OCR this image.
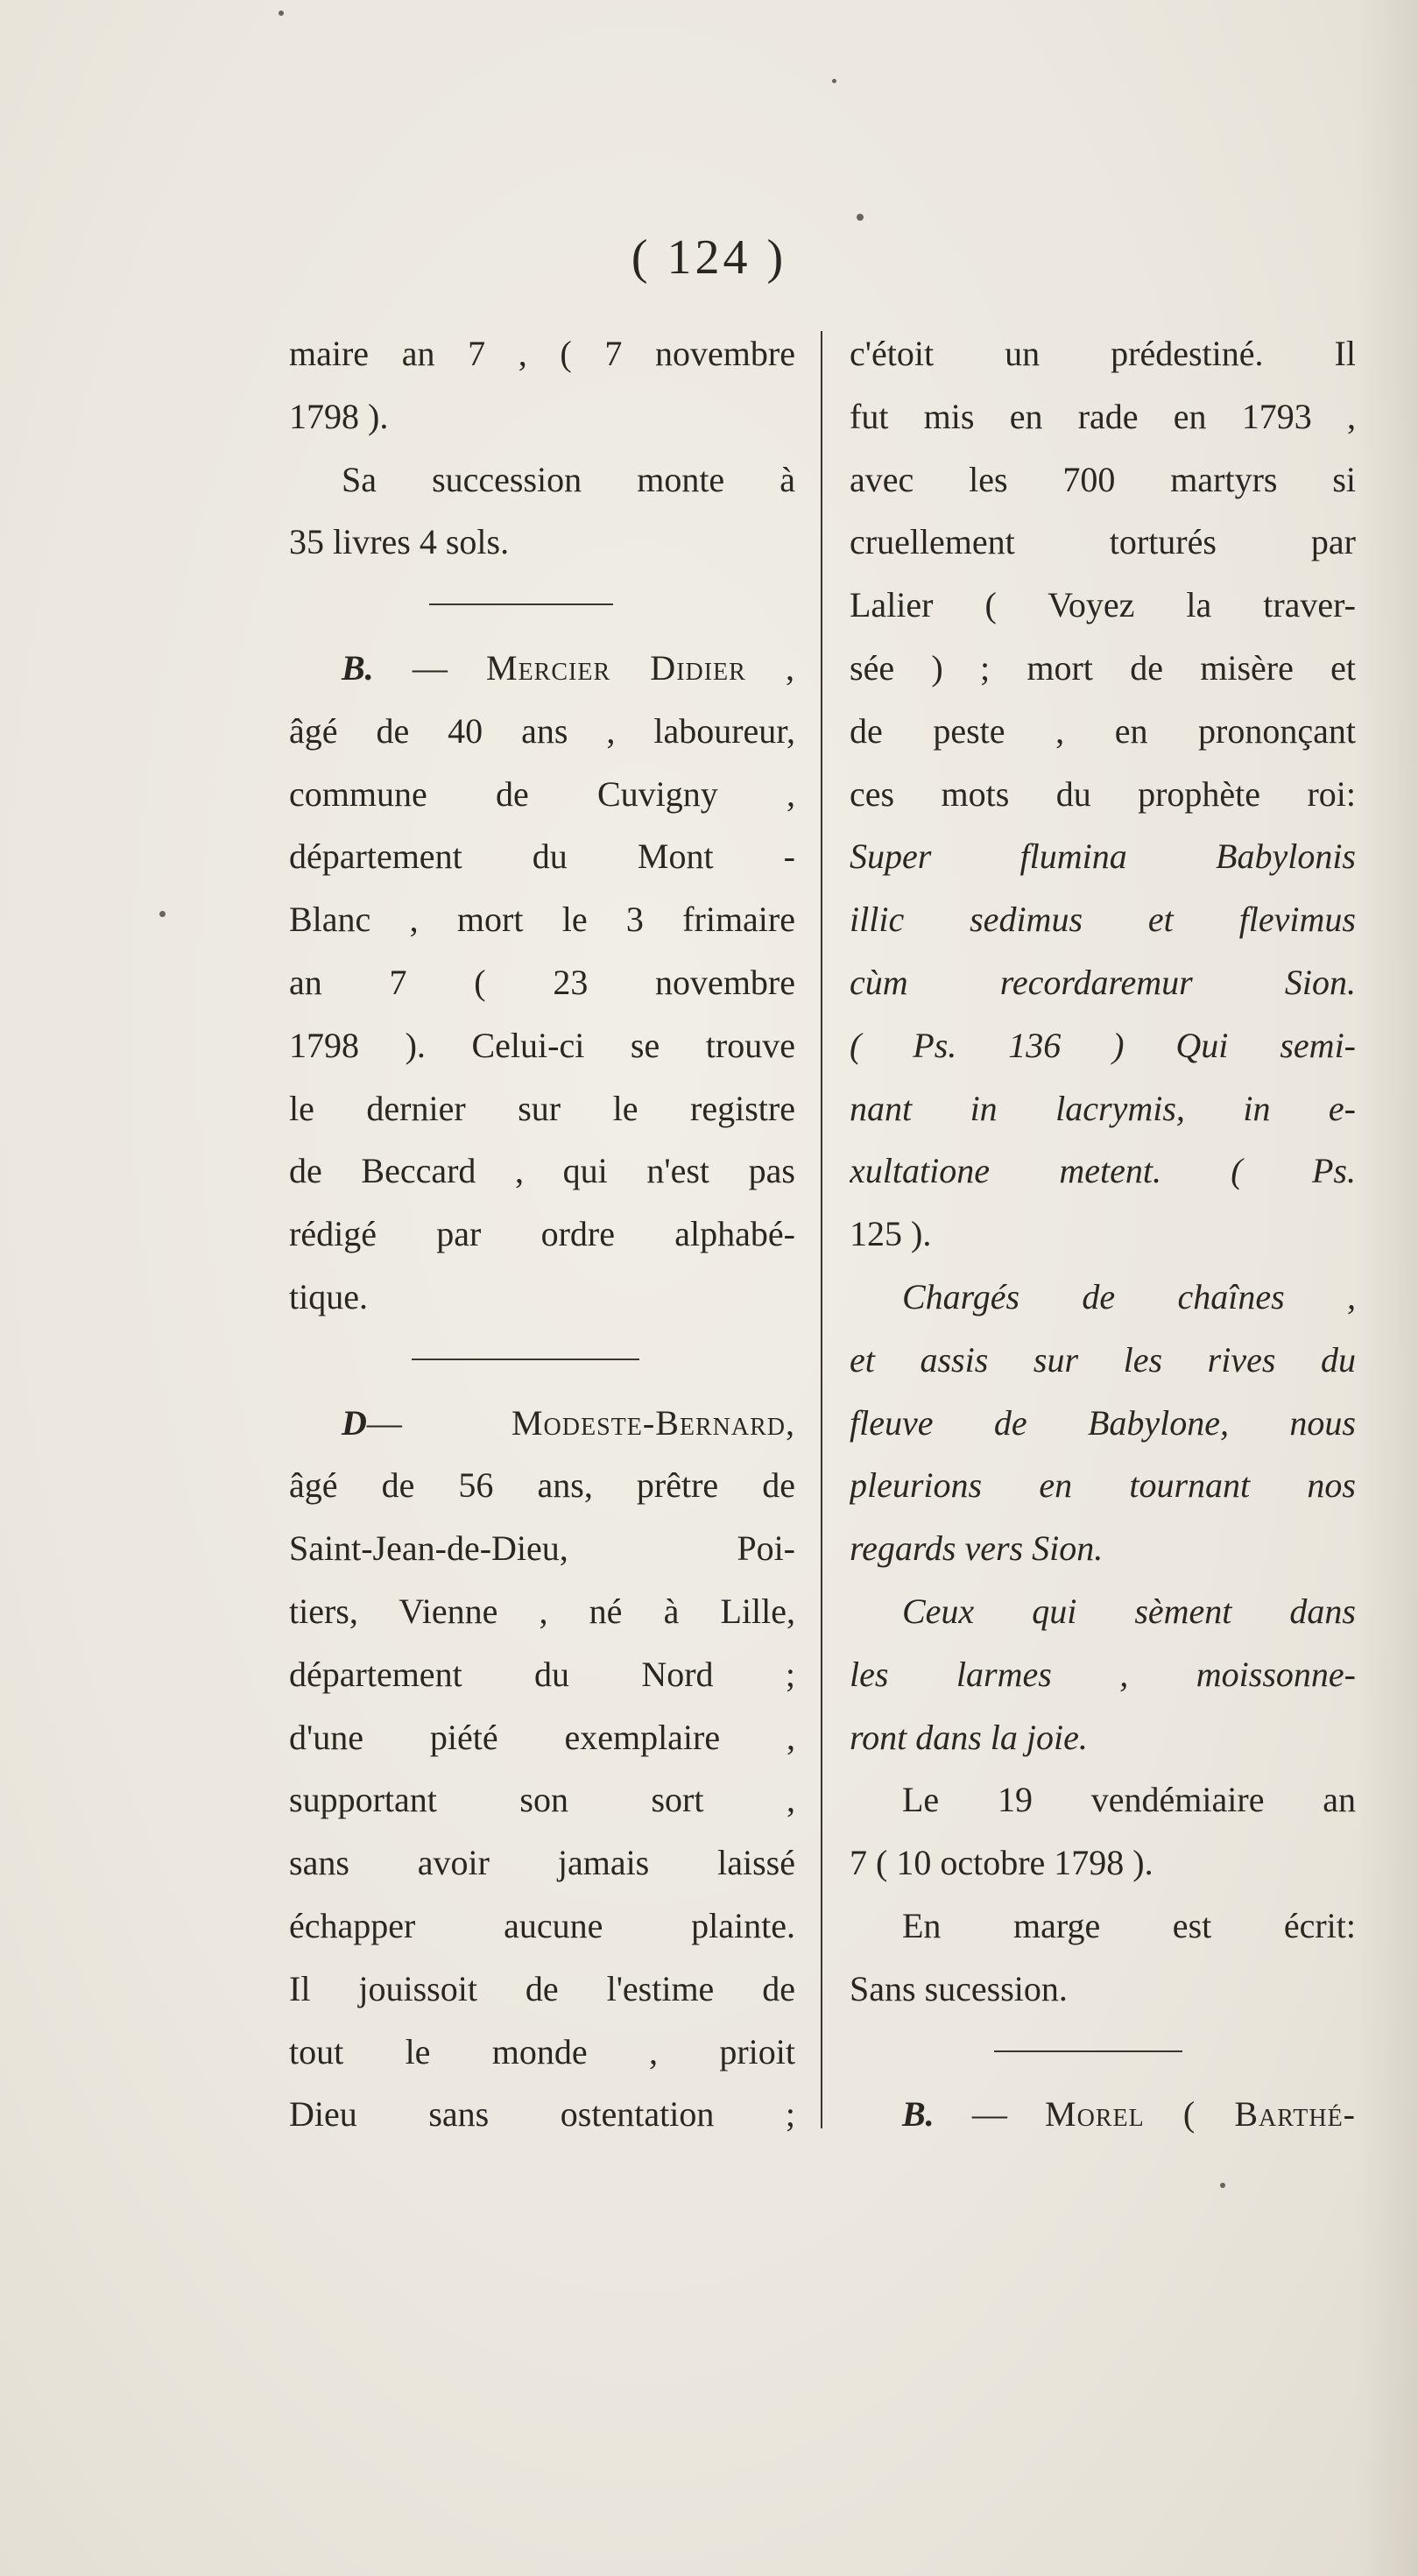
( 124 )
maire an 7 , ( 7 novembre
1798 ).
Sa succession monte à
35 livres 4 sols.
B. — Mercier Didier ,
âgé de 40 ans , laboureur,
commune de Cuvigny ,
département du Mont -
Blanc , mort le 3 frimaire
an 7 ( 23 novembre
1798 ). Celui-ci se trouve
le dernier sur le registre
de Beccard , qui n'est pas
rédigé par ordre alphabé-
tique.
D— Modeste-Bernard,
âgé de 56 ans, prêtre de
Saint-Jean-de-Dieu, Poi-
tiers, Vienne , né à Lille,
département du Nord ;
d'une piété exemplaire ,
supportant son sort ,
sans avoir jamais laissé
échapper aucune plainte.
Il jouissoit de l'estime de
tout le monde , prioit
Dieu sans ostentation ;
c'étoit un prédestiné. Il
fut mis en rade en 1793 ,
avec les 700 martyrs si
cruellement torturés par
Lalier ( Voyez la traver-
sée ) ; mort de misère et
de peste , en prononçant
ces mots du prophète roi:
Super flumina Babylonis
illic sedimus et flevimus
cùm recordaremur Sion.
( Ps. 136 ) Qui semi-
nant in lacrymis, in e-
xultatione metent. ( Ps.
125 ).
Chargés de chaînes ,
et assis sur les rives du
fleuve de Babylone, nous
pleurions en tournant nos
regards vers Sion.
Ceux qui sèment dans
les larmes , moissonne-
ront dans la joie.
Le 19 vendémiaire an
7 ( 10 octobre 1798 ).
En marge est écrit:
Sans sucession.
B. — Morel ( Barthé-
